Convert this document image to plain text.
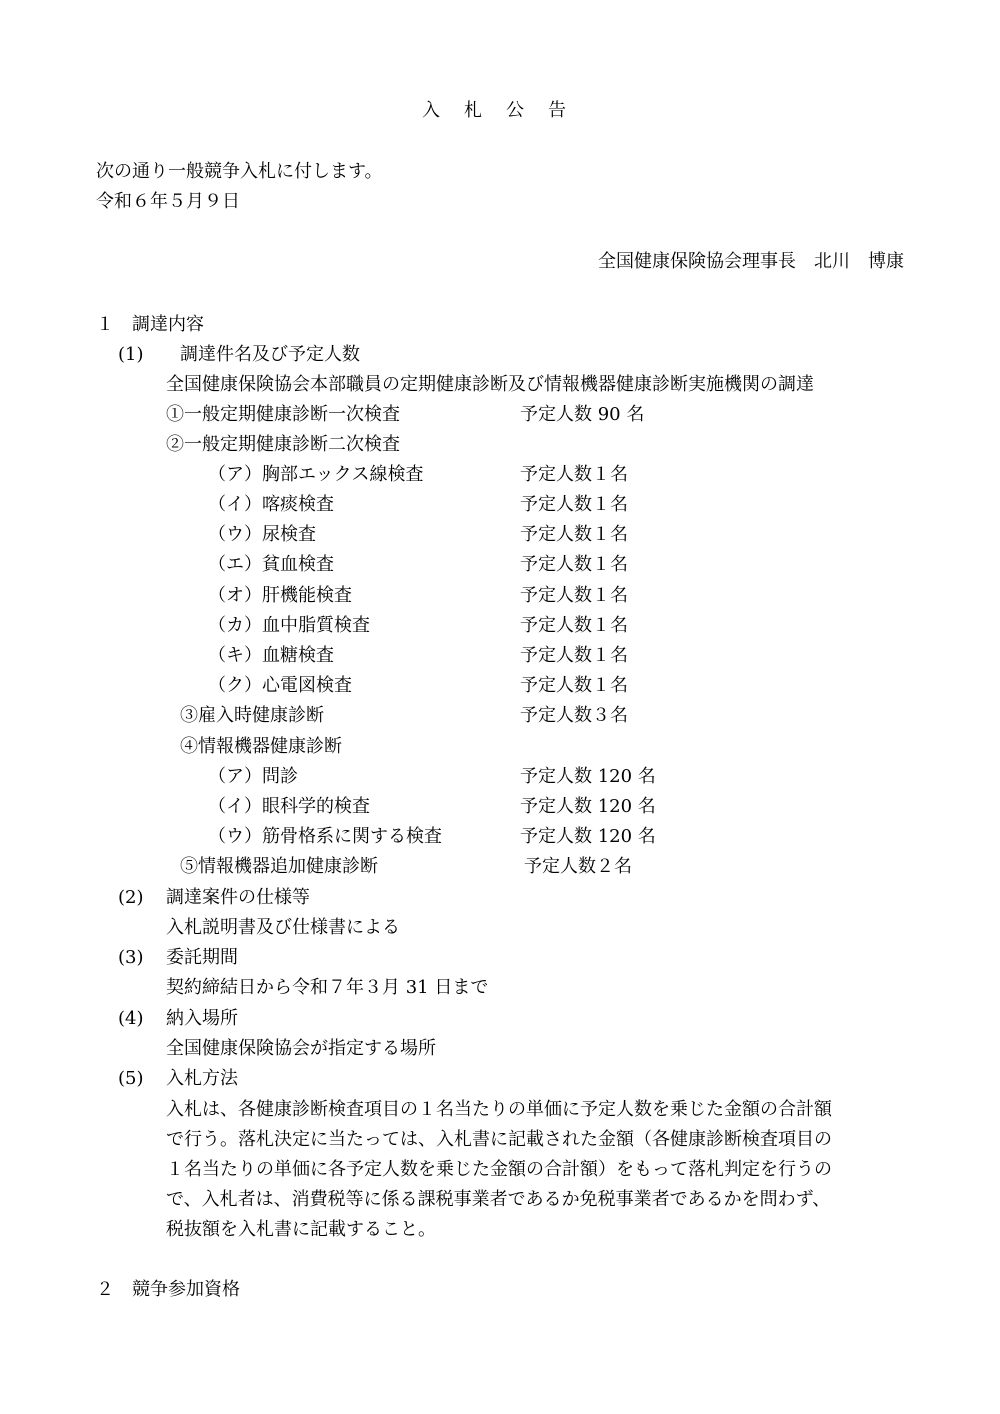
入札公告
次の通り一般競争入札に付します。
令和６年５月９日
全国健康保険協会理事長　北川　博康
１　調達内容
(1) 調達件名及び予定人数
全国健康保険協会本部職員の定期健康診断及び情報機器健康診断実施機関の調達
①一般定期健康診断一次検査	予定人数 90 名
②一般定期健康診断二次検査
（ア）胸部エックス線検査	予定人数１名
（イ）喀痰検査	予定人数１名
（ウ）尿検査	予定人数１名
（エ）貧血検査	予定人数１名
（オ）肝機能検査	予定人数１名
（カ）血中脂質検査	予定人数１名
（キ）血糖検査	予定人数１名
（ク）心電図検査	予定人数１名
③雇入時健康診断	予定人数３名
④情報機器健康診断
（ア）問診	予定人数 120 名
（イ）眼科学的検査	予定人数 120 名
（ウ）筋骨格系に関する検査	予定人数 120 名
⑤情報機器追加健康診断	予定人数２名
(2) 調達案件の仕様等
入札説明書及び仕様書による
(3) 委託期間
契約締結日から令和７年３月 31 日まで
(4) 納入場所
全国健康保険協会が指定する場所
(5) 入札方法
入札は、各健康診断検査項目の１名当たりの単価に予定人数を乗じた金額の合計額
で行う。落札決定に当たっては、入札書に記載された金額（各健康診断検査項目の
１名当たりの単価に各予定人数を乗じた金額の合計額）をもって落札判定を行うの
で、入札者は、消費税等に係る課税事業者であるか免税事業者であるかを問わず、
税抜額を入札書に記載すること。
２　競争参加資格
